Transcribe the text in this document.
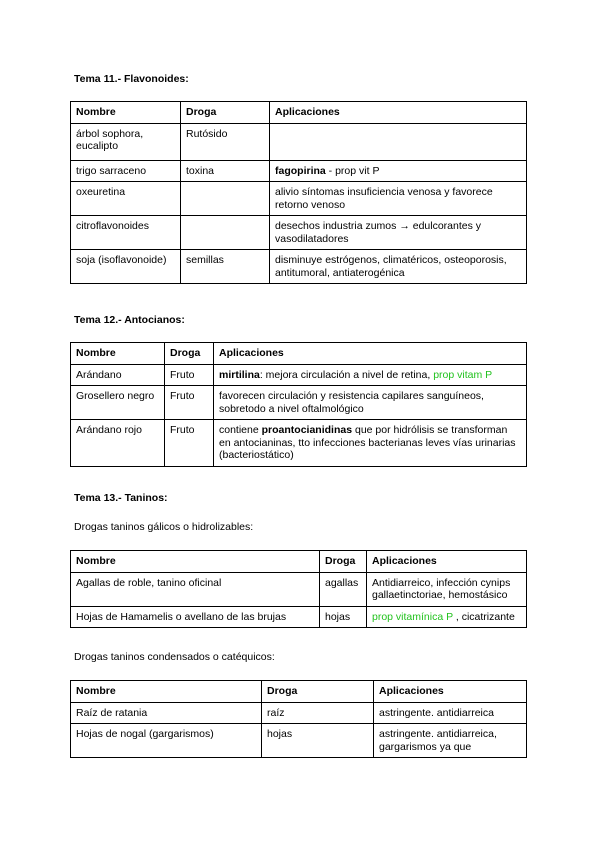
Tema 11.- Flavonoides:
Nombre	Droga	Aplicaciones
árbol sophora, eucalipto	Rutósido	
trigo sarraceno	toxina	fagopirina - prop vit P
oxeuretina		alivio síntomas insuficiencia venosa y favorece retorno venoso
citroflavonoides		desechos industria zumos → edulcorantes y vasodilatadores
soja (isoflavonoide)	semillas	disminuye estrógenos, climatéricos, osteoporosis, antitumoral, antiaterogénica
Tema 12.- Antocianos:
Nombre	Droga	Aplicaciones
Arándano	Fruto	mirtilina: mejora circulación a nivel de retina, prop vitam P
Grosellero negro	Fruto	favorecen circulación y resistencia capilares sanguíneos, sobretodo a nivel oftalmológico
Arándano rojo	Fruto	contiene proantocianidinas que por hidrólisis se transforman en antocianinas, tto infecciones bacterianas leves vías urinarias (bacteriostático)
Tema 13.- Taninos:
Drogas taninos gálicos o hidrolizables:
Nombre	Droga	Aplicaciones
Agallas de roble, tanino oficinal	agallas	Antidiarreico, infección cynips gallaetinctoriae, hemostásico
Hojas de Hamamelis o avellano de las brujas	hojas	prop vitamínica P , cicatrizante
Drogas taninos condensados o catéquicos:
Nombre	Droga	Aplicaciones
Raíz de ratania	raíz	astringente. antidiarreica
Hojas de nogal (gargarismos)	hojas	astringente. antidiarreica, gargarismos ya que
